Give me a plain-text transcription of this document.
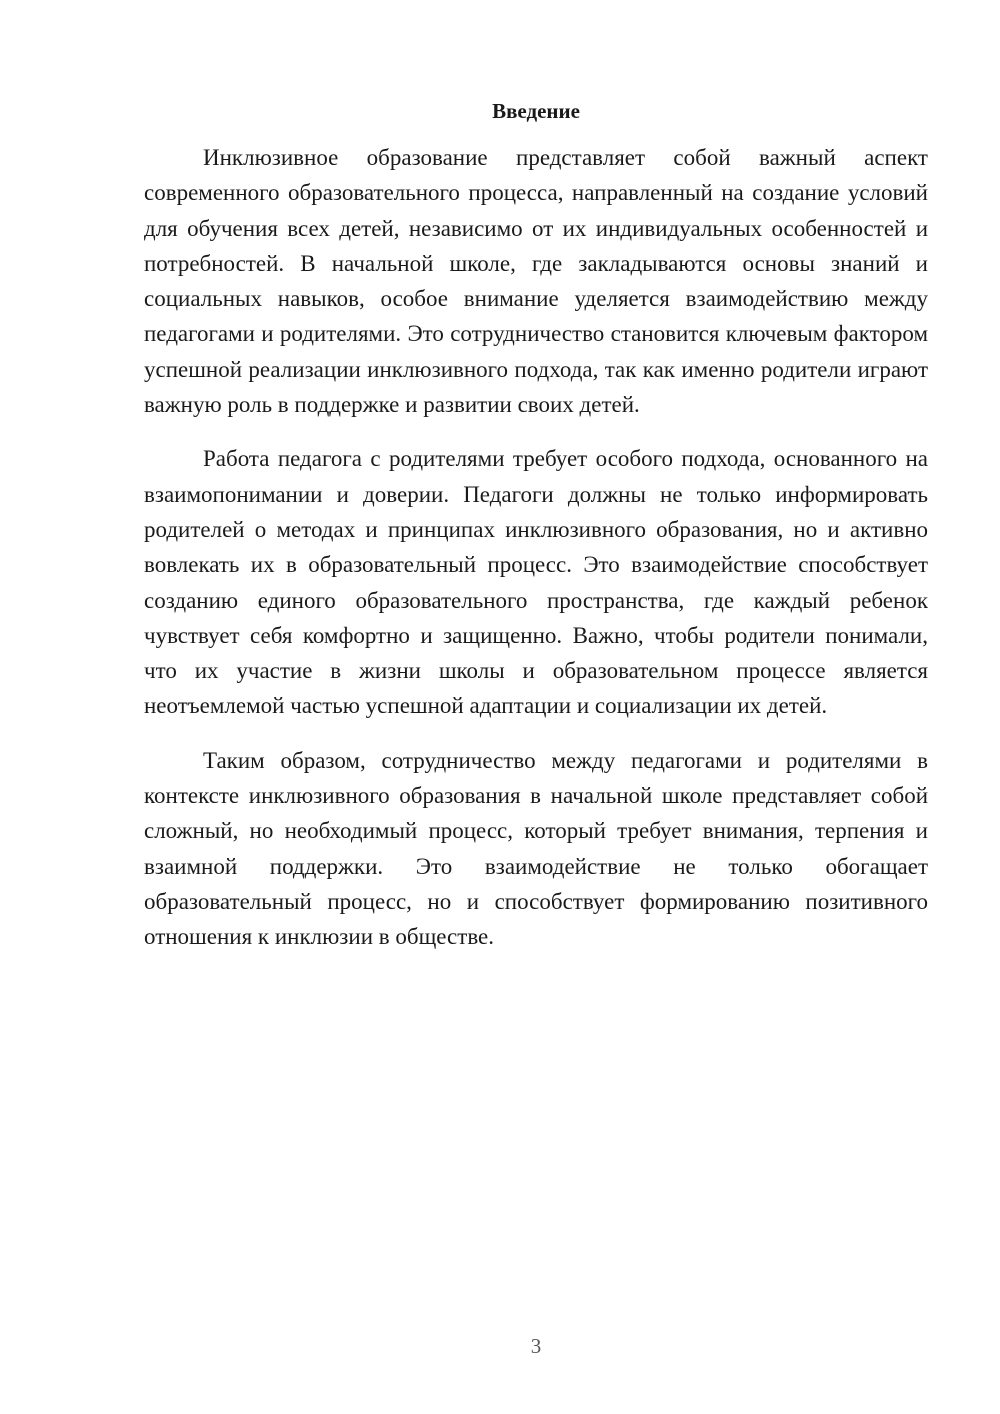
Введение

Инклюзивное образование представляет собой важный аспект современного образовательного процесса, направленный на создание условий для обучения всех детей, независимо от их индивидуальных особенностей и потребностей. В начальной школе, где закладываются основы знаний и социальных навыков, особое внимание уделяется взаимодействию между педагогами и родителями. Это сотрудничество становится ключевым фактором успешной реализации инклюзивного подхода, так как именно родители играют важную роль в поддержке и развитии своих детей.

Работа педагога с родителями требует особого подхода, основанного на взаимопонимании и доверии. Педагоги должны не только информировать родителей о методах и принципах инклюзивного образования, но и активно вовлекать их в образовательный процесс. Это взаимодействие способствует созданию единого образовательного пространства, где каждый ребенок чувствует себя комфортно и защищенно. Важно, чтобы родители понимали, что их участие в жизни школы и образовательном процессе является неотъемлемой частью успешной адаптации и социализации их детей.

Таким образом, сотрудничество между педагогами и родителями в контексте инклюзивного образования в начальной школе представляет собой сложный, но необходимый процесс, который требует внимания, терпения и взаимной поддержки. Это взаимодействие не только обогащает образовательный процесс, но и способствует формированию позитивного отношения к инклюзии в обществе.

3
